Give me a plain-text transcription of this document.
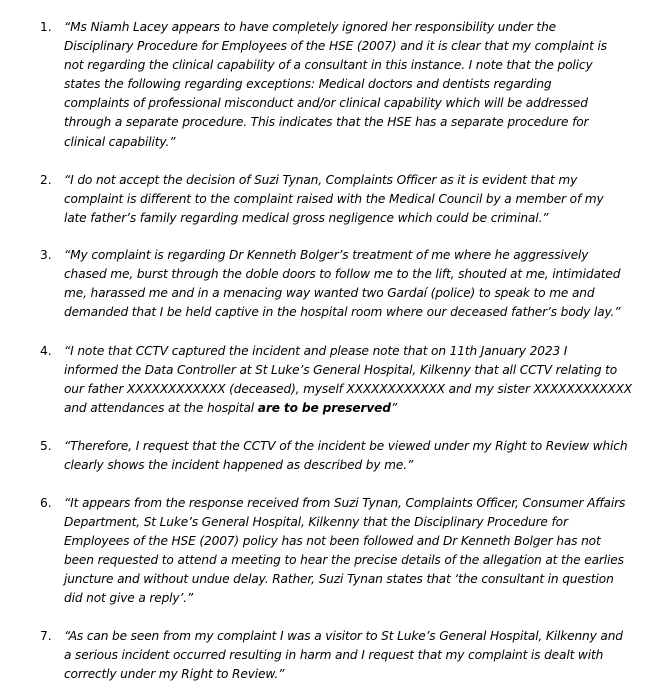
1. “Ms Niamh Lacey appears to have completely ignored her responsibility under the
Disciplinary Procedure for Employees of the HSE (2007) and it is clear that my complaint is
not regarding the clinical capability of a consultant in this instance. I note that the policy
states the following regarding exceptions: Medical doctors and dentists regarding
complaints of professional misconduct and/or clinical capability which will be addressed
through a separate procedure. This indicates that the HSE has a separate procedure for
clinical capability.”
2. “I do not accept the decision of Suzi Tynan, Complaints Officer as it is evident that my
complaint is different to the complaint raised with the Medical Council by a member of my
late father’s family regarding medical gross negligence which could be criminal.”
3. “My complaint is regarding Dr Kenneth Bolger’s treatment of me where he aggressively
chased me, burst through the doble doors to follow me to the lift, shouted at me, intimidated
me, harassed me and in a menacing way wanted two Gardaí (police) to speak to me and
demanded that I be held captive in the hospital room where our deceased father’s body lay.”
4. “I note that CCTV captured the incident and please note that on 11th January 2023 I
informed the Data Controller at St Luke’s General Hospital, Kilkenny that all CCTV relating to
our father XXXXXXXXXXXX (deceased), myself XXXXXXXXXXXX and my sister XXXXXXXXXXXX
and attendances at the hospital are to be preserved”
5. “Therefore, I request that the CCTV of the incident be viewed under my Right to Review which
clearly shows the incident happened as described by me.”
6. “It appears from the response received from Suzi Tynan, Complaints Officer, Consumer Affairs
Department, St Luke’s General Hospital, Kilkenny that the Disciplinary Procedure for
Employees of the HSE (2007) policy has not been followed and Dr Kenneth Bolger has not
been requested to attend a meeting to hear the precise details of the allegation at the earlies
juncture and without undue delay. Rather, Suzi Tynan states that ‘the consultant in question
did not give a reply’.”
7. “As can be seen from my complaint I was a visitor to St Luke’s General Hospital, Kilkenny and
a serious incident occurred resulting in harm and I request that my complaint is dealt with
correctly under my Right to Review.”
